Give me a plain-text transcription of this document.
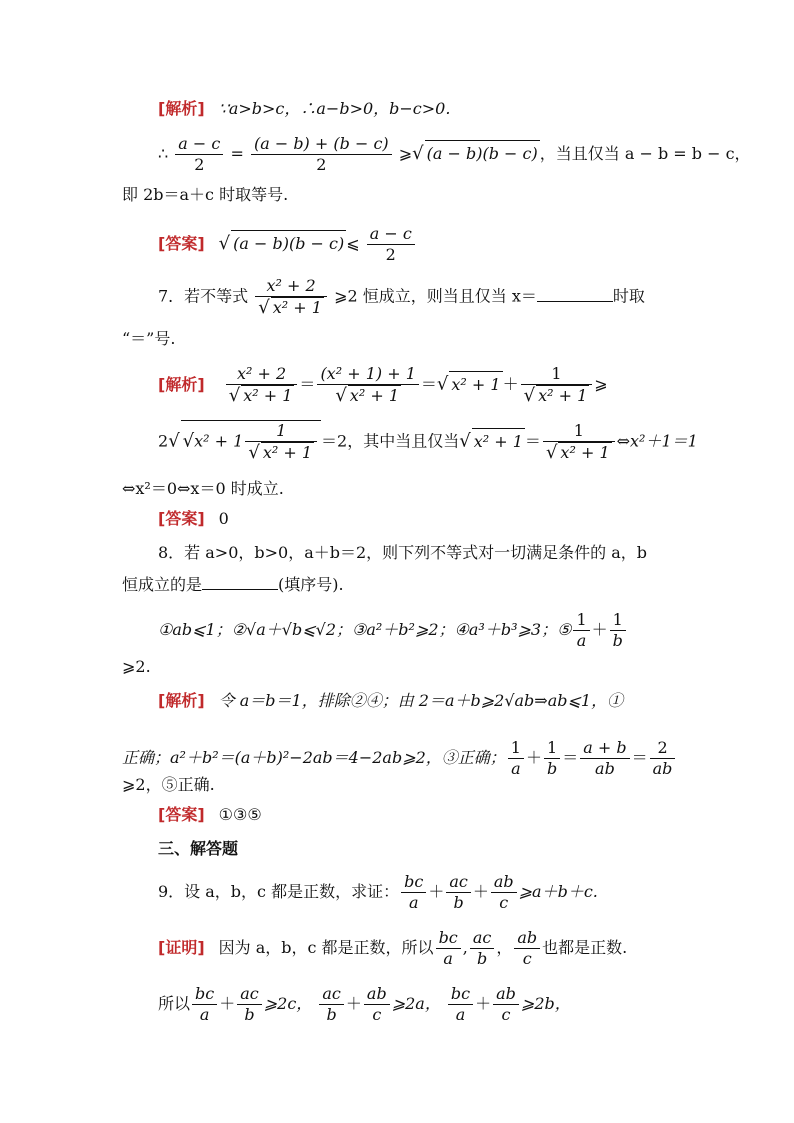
[解析] ∵a>b>c，∴a−b>0，b−c>0.
∴ $\frac{a - c}{2} = \frac{(a - b) + (b - c)}{2}$ ⩾√ (a − b)(b − c) ，当且仅当 a − b = b − c，
即 2b＝a＋c 时取等号.
[答案] √ (a − b)(b − c) ⩽ $\frac{a - c}{2}$
7．若不等式 $\frac{\text{x² + 2}}{\text{√ x² + 1}}$ ⩾2 恒成立，则当且仅当 x＝	时取
“＝”号.
[解析] $\frac{\text{x² + 2}}{\text{√ x² + 1}} = \frac{\text{(x² + 1) + 1}}{\text{√ x² + 1}}$ ＝√ $x^2 + 1 + \frac{1}{\text{√ x² + 1}}$ ⩾
2√ $√x^2 + 1 \frac{1}{\text{√ x² + 1}} =2$，其中当且仅当√ $x^2 + 1 = \frac{1}{\text{√ x² + 1}}$ ⇔x²＋1＝1
⇔x²＝0⇔x＝0 时成立.
[答案] 0
8．若 a>0，b>0，a＋b＝2，则下列不等式对一切满足条件的 a，b
恒成立的是	(填序号).
①ab⩽1；②√a＋√b⩽√2；③a²＋b²⩾2；④a³＋b³⩾3；⑤ $\frac{1}{a} + \frac{1}{b}$
⩾2.
[解析] 令 a＝b＝1，排除②④；由 2＝a＋b⩾2√ab⇒ab⩽1，①
正确；a²＋b²＝(a＋b)²−2ab＝4−2ab⩾2，③正确； $\frac{1}{a} + \frac{1}{b} = \frac{a + b}{ab} = \frac{2}{ab}$
⩾2，⑤正确.
[答案] ①③⑤
三、解答题
9．设 a，b，c 都是正数，求证： $\frac{bc}{a} + \frac{ac}{b} + \frac{ab}{c}$ ⩾a＋b＋c.
[证明] 因为 a，b，c 都是正数，所以 $\frac{bc}{a}$ , $\frac{ac}{b}$ ， $\frac{ab}{c}$ 也都是正数.
所以 $\frac{bc}{a} + \frac{ac}{b}$ ⩾2c， $\frac{ac}{b} + \frac{ab}{c}$ ⩾2a， $\frac{bc}{a} + \frac{ab}{c}$ ⩾2b，
